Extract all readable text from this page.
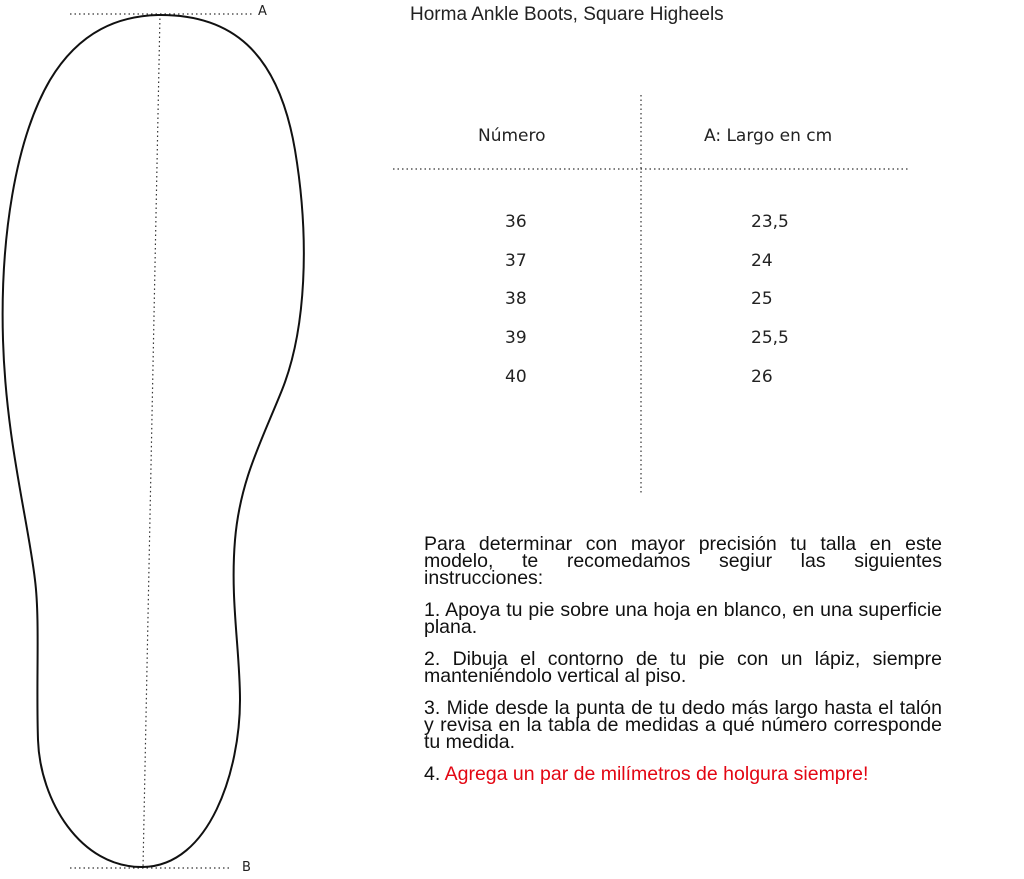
A
B
Horma Ankle Boots, Square Higheels
Número	A: Largo en cm
36	23,5
37	24
38	25
39	25,5
40	26

Para determinar con mayor precisión tu talla en este modelo, te recomedamos segiur las siguientes instrucciones:

1. Apoya tu pie sobre una hoja en blanco, en una superficie plana.

2. Dibuja el contorno de tu pie con un lápiz, siempre manteniéndolo vertical al piso.

3. Mide desde la punta de tu dedo más largo hasta el talón y revisa en la tabla de medidas a qué número corresponde tu medida.

4. Agrega un par de milímetros de holgura siempre!
